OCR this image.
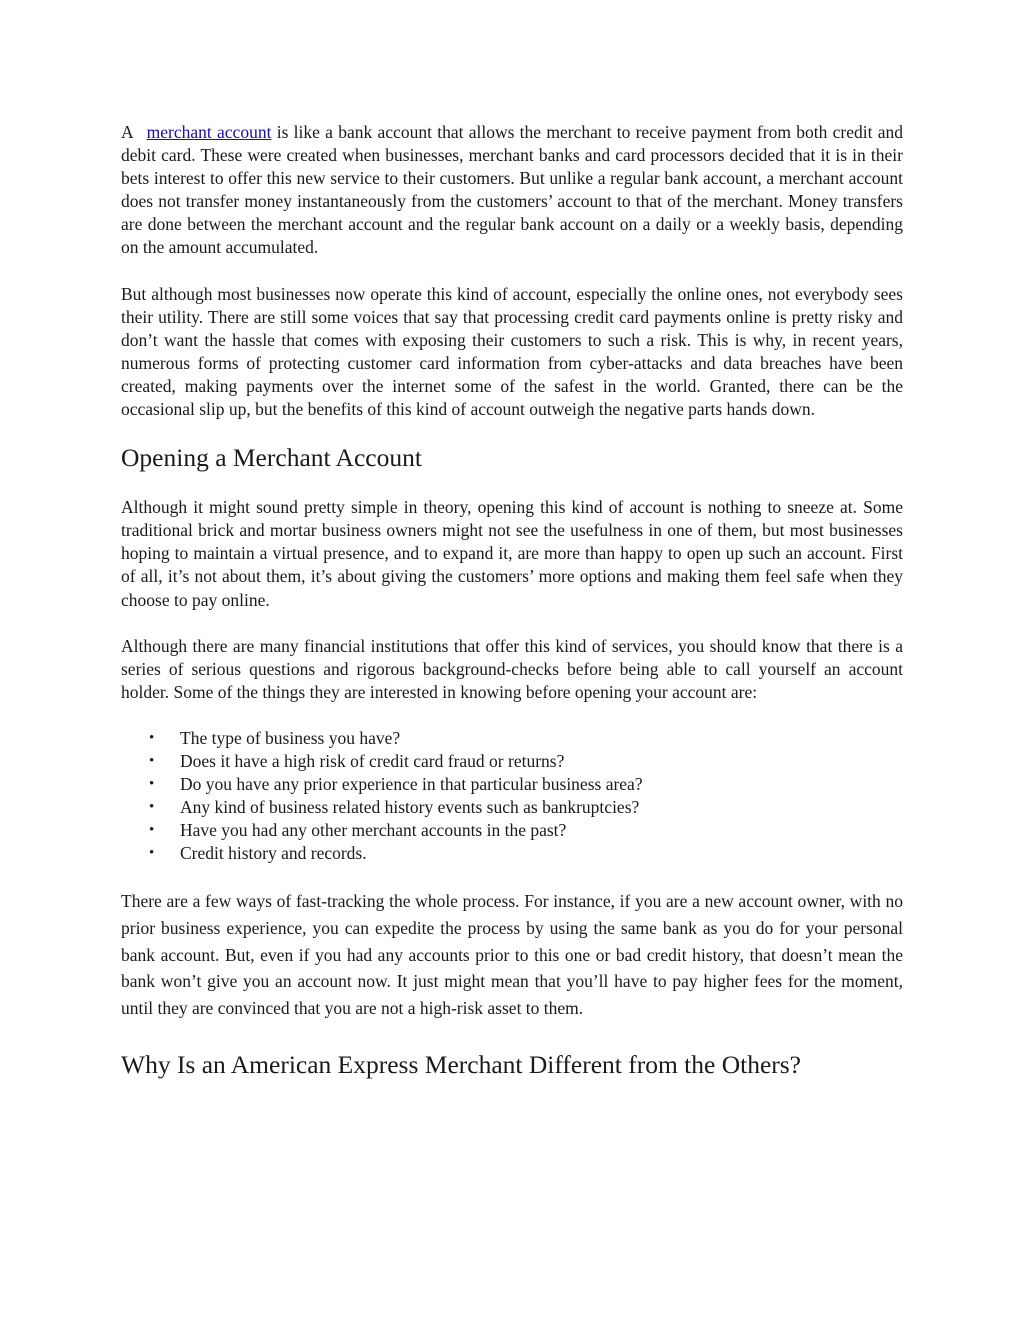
A merchant account is like a bank account that allows the merchant to receive payment from both credit and debit card. These were created when businesses, merchant banks and card processors decided that it is in their bets interest to offer this new service to their customers. But unlike a regular bank account, a merchant account does not transfer money instantaneously from the customers’ account to that of the merchant. Money transfers are done between the merchant account and the regular bank account on a daily or a weekly basis, depending on the amount accumulated.

But although most businesses now operate this kind of account, especially the online ones, not everybody sees their utility. There are still some voices that say that processing credit card payments online is pretty risky and don’t want the hassle that comes with exposing their customers to such a risk. This is why, in recent years, numerous forms of protecting customer card information from cyber-attacks and data breaches have been created, making payments over the internet some of the safest in the world. Granted, there can be the occasional slip up, but the benefits of this kind of account outweigh the negative parts hands down.

Opening a Merchant Account

Although it might sound pretty simple in theory, opening this kind of account is nothing to sneeze at. Some traditional brick and mortar business owners might not see the usefulness in one of them, but most businesses hoping to maintain a virtual presence, and to expand it, are more than happy to open up such an account. First of all, it’s not about them, it’s about giving the customers’ more options and making them feel safe when they choose to pay online.

Although there are many financial institutions that offer this kind of services, you should know that there is a series of serious questions and rigorous background-checks before being able to call yourself an account holder. Some of the things they are interested in knowing before opening your account are:

• The type of business you have?
• Does it have a high risk of credit card fraud or returns?
• Do you have any prior experience in that particular business area?
• Any kind of business related history events such as bankruptcies?
• Have you had any other merchant accounts in the past?
• Credit history and records.

There are a few ways of fast-tracking the whole process. For instance, if you are a new account owner, with no prior business experience, you can expedite the process by using the same bank as you do for your personal bank account. But, even if you had any accounts prior to this one or bad credit history, that doesn’t mean the bank won’t give you an account now. It just might mean that you’ll have to pay higher fees for the moment, until they are convinced that you are not a high-risk asset to them.

Why Is an American Express Merchant Different from the Others?
